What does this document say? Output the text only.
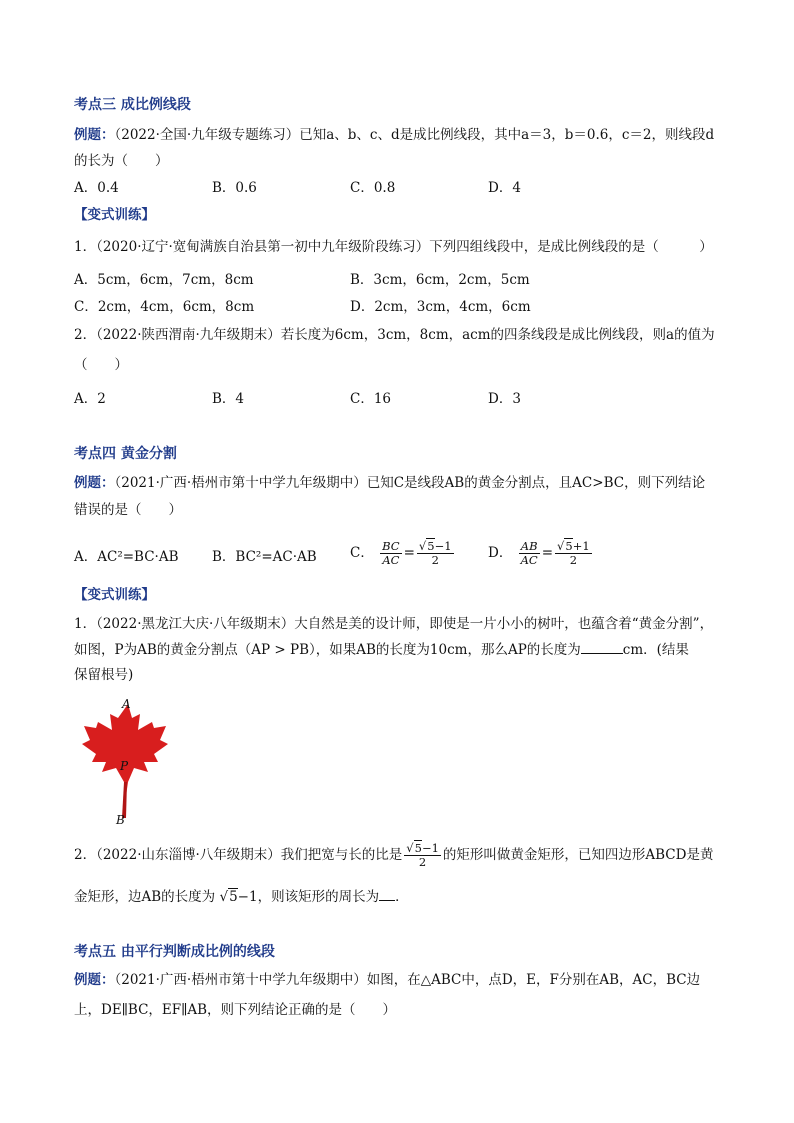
考点三 成比例线段
例题：（2022·全国·九年级专题练习）已知a、b、c、d是成比例线段，其中a＝3，b＝0.6，c＝2，则线段d
的长为（　　）
A．0.4	B．0.6	C．0.8	D．4
【变式训练】
1．（2020·辽宁·宽甸满族自治县第一初中九年级阶段练习）下列四组线段中，是成比例线段的是（　　　）
A．5cm，6cm，7cm，8cm	B．3cm，6cm，2cm，5cm
C．2cm，4cm，6cm，8cm	D．2cm，3cm，4cm，6cm
2．（2022·陕西渭南·九年级期末）若长度为6cm，3cm，8cm，acm的四条线段是成比例线段，则a的值为
（　　）
A．2	B．4	C．16	D．3
考点四 黄金分割
例题：（2021·广西·梧州市第十中学九年级期中）已知C是线段AB的黄金分割点，且AC>BC，则下列结论
错误的是（　　）
A．AC²=BC·AB B．BC²=AC·AB C． $\frac{BC}{AC} = \frac{√5-1}{2}$	D． $\frac{AB}{AC} = \frac{√5+1}{2}$
【变式训练】
1．（2022·黑龙江大庆·八年级期末）大自然是美的设计师，即使是一片小小的树叶，也蕴含着“黄金分割”，
如图，P为AB的黄金分割点（AP > PB），如果AB的长度为10cm，那么AP的长度为	cm．(结果
保留根号)
A
P
B
2．（2022·山东淄博·八年级期末）我们把宽与长的比是 $\frac{√5-1}{2}$ 的矩形叫做黄金矩形，已知四边形ABCD是黄
金矩形，边AB的长度为 √5−1，则该矩形的周长为 ．
考点五 由平行判断成比例的线段
例题：（2021·广西·梧州市第十中学九年级期中）如图，在△ABC中，点D，E，F分别在AB，AC，BC边
上，DE∥BC，EF∥AB，则下列结论正确的是（　　）
